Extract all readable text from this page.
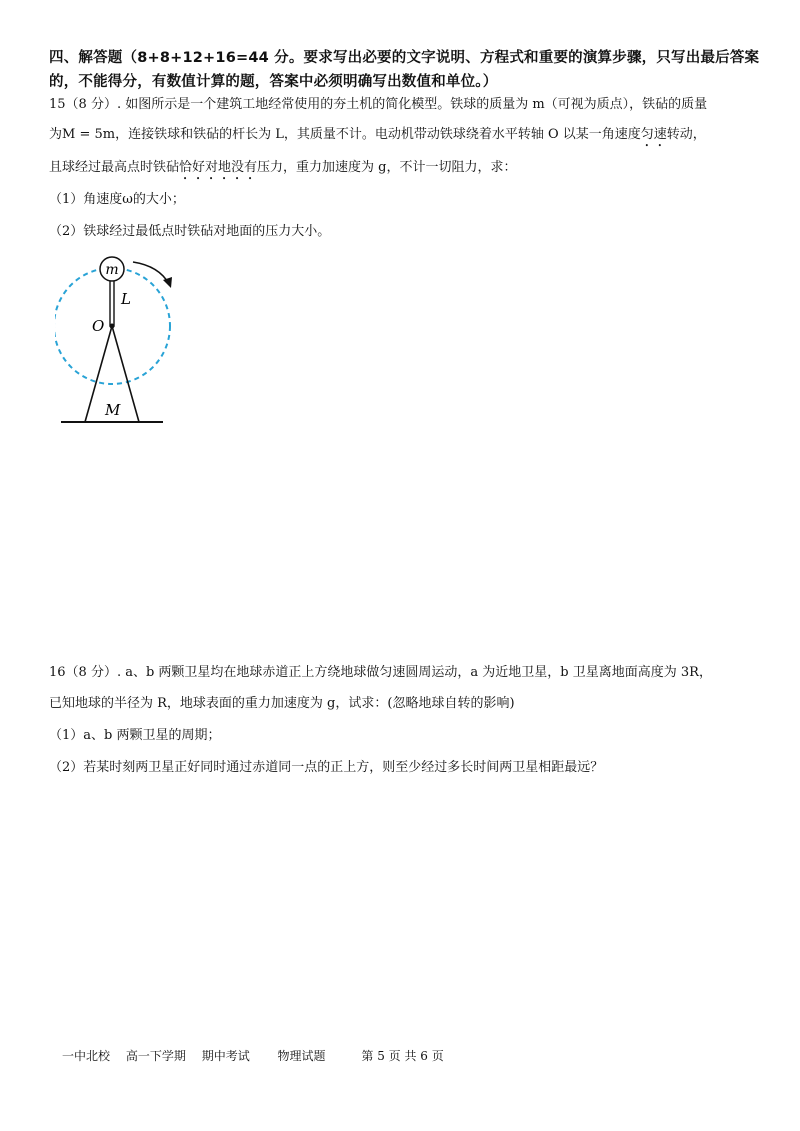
四、解答题（8+8+12+16=44 分。要求写出必要的文字说明、方程式和重要的演算步骤，只写出最后答案的，不能得分，有数值计算的题，答案中必须明确写出数值和单位。）
15（8 分）. 如图所示是一个建筑工地经常使用的夯土机的简化模型。铁球的质量为 m（可视为质点），铁砧的质量
为M = 5m，连接铁球和铁砧的杆长为 L，其质量不计。电动机带动铁球绕着水平转轴 O 以某一角速度匀速转动，
且球经过最高点时铁砧恰好对地没有压力，重力加速度为 g，不计一切阻力，求：
（1）角速度ω的大小；
（2）铁球经过最低点时铁砧对地面的压力大小。
m
L
O
M
16（8 分）. a、b 两颗卫星均在地球赤道正上方绕地球做匀速圆周运动，a 为近地卫星，b 卫星离地面高度为 3R，
已知地球的半径为 R，地球表面的重力加速度为 g，试求：(忽略地球自转的影响)
（1）a、b 两颗卫星的周期；
（2）若某时刻两卫星正好同时通过赤道同一点的正上方，则至少经过多长时间两卫星相距最远？
一中北校 高一下学期 期中考试 物理试题	第 5 页 共 6 页
